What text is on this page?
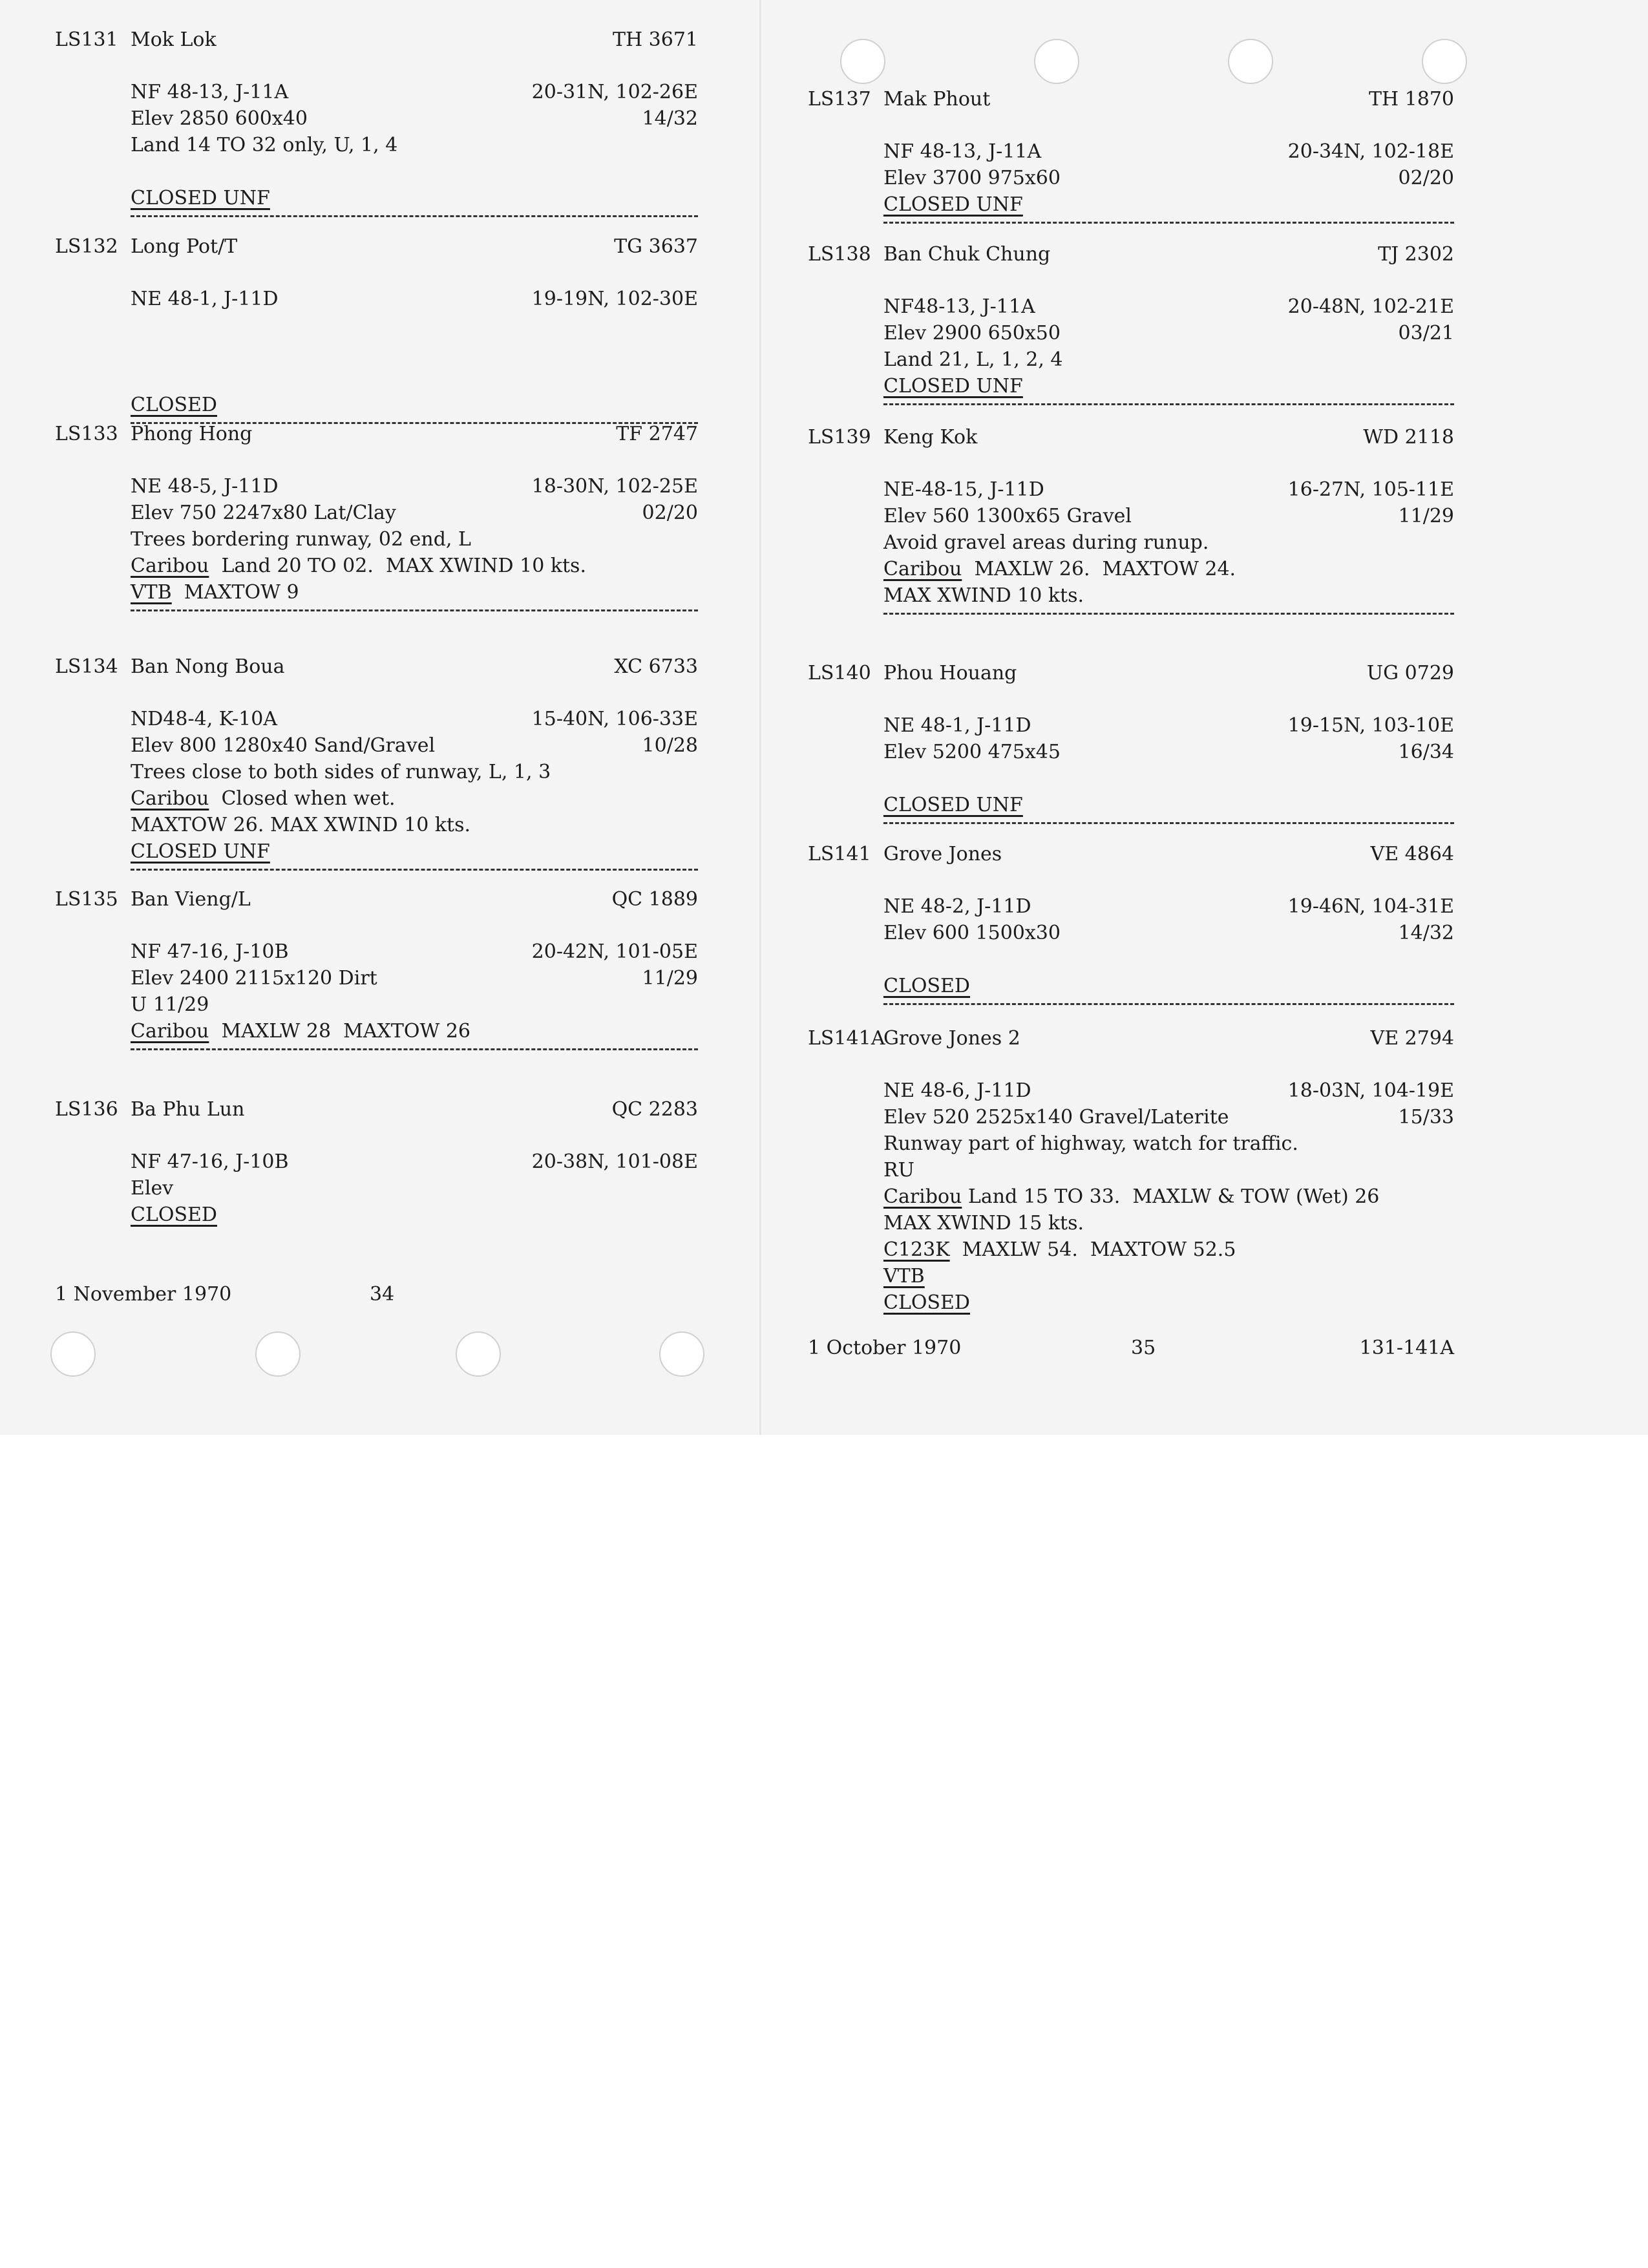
1 November 1970	34
LS131 Mok Lok	TH 3671
NF 48-13, J-11A	20-31N, 102-26E
Elev 2850 600x40	14/32
Land 14 TO 32 only, U, 1, 4
CLOSED UNF
LS132 Long Pot/T	TG 3637
NE 48-1, J-11D	19-19N, 102-30E
CLOSED
LS133 Phong Hong	TF 2747
NE 48-5, J-11D	18-30N, 102-25E
Elev 750 2247x80 Lat/Clay	02/20
Trees bordering runway, 02 end, L
Caribou  Land 20 TO 02.  MAX XWIND 10 kts.
VTB  MAXTOW 9
LS134 Ban Nong Boua	XC 6733
ND48-4, K-10A	15-40N, 106-33E
Elev 800 1280x40 Sand/Gravel	10/28
Trees close to both sides of runway, L, 1, 3
Caribou  Closed when wet.
MAXTOW 26. MAX XWIND 10 kts.
CLOSED UNF
LS135 Ban Vieng/L	QC 1889
NF 47-16, J-10B	20-42N, 101-05E
Elev 2400 2115x120 Dirt	11/29
U 11/29
Caribou  MAXLW 28  MAXTOW 26
LS136 Ba Phu Lun	QC 2283
NF 47-16, J-10B	20-38N, 101-08E
Elev
CLOSED
1 October 1970	35	131-141A
LS137 Mak Phout	TH 1870
NF 48-13, J-11A	20-34N, 102-18E
Elev 3700 975x60	02/20
CLOSED UNF
LS138 Ban Chuk Chung	TJ 2302
NF48-13, J-11A	20-48N, 102-21E
Elev 2900 650x50	03/21
Land 21, L, 1, 2, 4
CLOSED UNF
LS139 Keng Kok	WD 2118
NE-48-15, J-11D	16-27N, 105-11E
Elev 560 1300x65 Gravel	11/29
Avoid gravel areas during runup.
Caribou  MAXLW 26.  MAXTOW 24.
MAX XWIND 10 kts.
LS140 Phou Houang	UG 0729
NE 48-1, J-11D	19-15N, 103-10E
Elev 5200 475x45	16/34
CLOSED UNF
LS141 Grove Jones	VE 4864
NE 48-2, J-11D	19-46N, 104-31E
Elev 600 1500x30	14/32
CLOSED
LS141A
Grove Jones 2	VE 2794
NE 48-6, J-11D	18-03N, 104-19E
Elev 520 2525x140 Gravel/Laterite	15/33
Runway part of highway, watch for traffic.
RU
Caribou Land 15 TO 33.  MAXLW & TOW (Wet) 26
MAX XWIND 15 kts.
C123K  MAXLW 54.  MAXTOW 52.5
VTB
CLOSED
